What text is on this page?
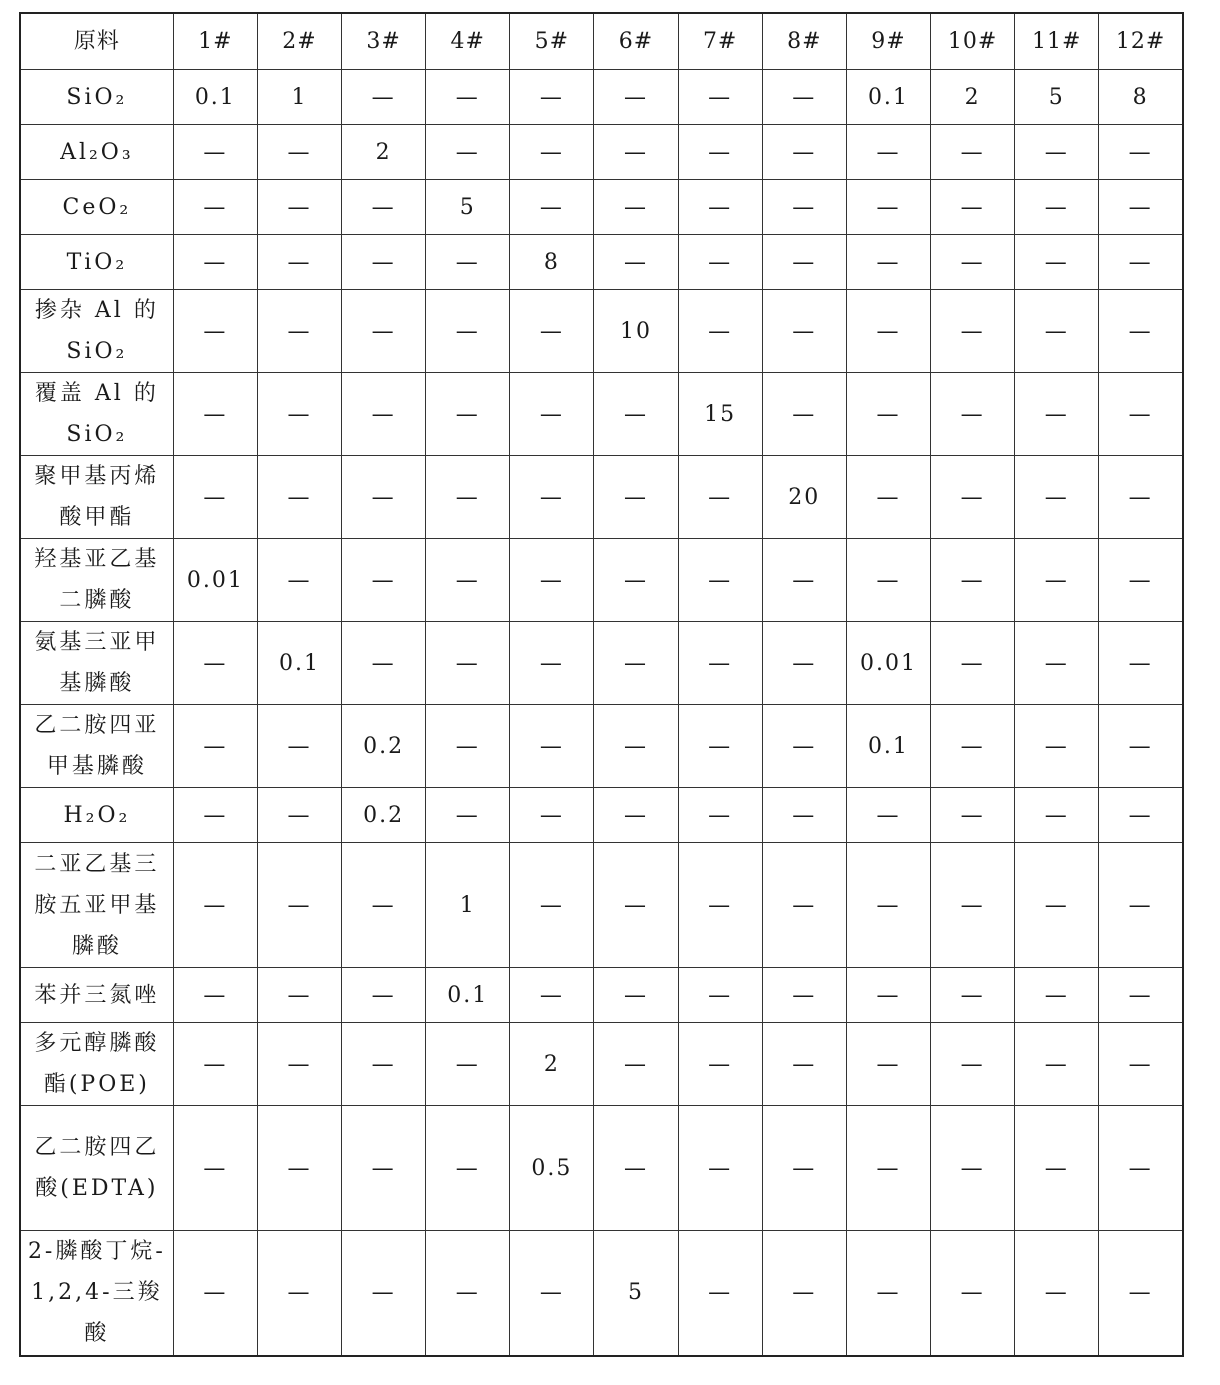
原料	1#	2#	3#	4#	5#	6#	7#	8#	9#	10#	11#	12#
SiO₂	0.1	1	—	—	—	—	—	—	0.1	2	5	8
Al₂O₃	—	—	2	—	—	—	—	—	—	—	—	—
CeO₂	—	—	—	5	—	—	—	—	—	—	—	—
TiO₂	—	—	—	—	8	—	—	—	—	—	—	—
掺杂 Al 的 SiO₂	—	—	—	—	—	10	—	—	—	—	—	—
覆盖 Al 的 SiO₂	—	—	—	—	—	—	15	—	—	—	—	—
聚甲基丙烯酸甲酯	—	—	—	—	—	—	—	20	—	—	—	—
羟基亚乙基二膦酸	0.01	—	—	—	—	—	—	—	—	—	—	—
氨基三亚甲基膦酸	—	0.1	—	—	—	—	—	—	0.01	—	—	—
乙二胺四亚甲基膦酸	—	—	0.2	—	—	—	—	—	0.1	—	—	—
H₂O₂	—	—	0.2	—	—	—	—	—	—	—	—	—
二亚乙基三胺五亚甲基膦酸	—	—	—	1	—	—	—	—	—	—	—	—
苯并三氮唑	—	—	—	0.1	—	—	—	—	—	—	—	—
多元醇膦酸酯(POE)	—	—	—	—	2	—	—	—	—	—	—	—
乙二胺四乙酸(EDTA)	—	—	—	—	0.5	—	—	—	—	—	—	—
2-膦酸丁烷-1,2,4-三羧酸	—	—	—	—	—	5	—	—	—	—	—	—
